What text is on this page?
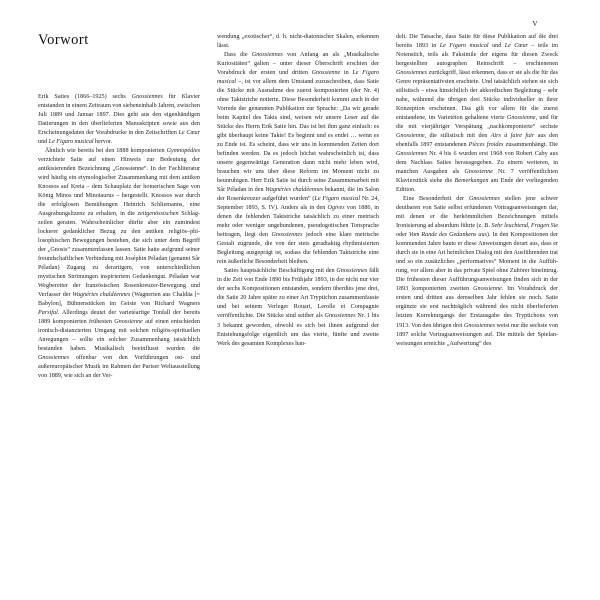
V
Vorwort

Erik Saties (1866–1925) sechs Gnossiennes für Klavier entstanden in einem Zeitraum von siebeneinhalb Jahren, zwischen Juli 1889 und Januar 1897. Dies geht aus den eigenhändigen Datierungen in den überlieferten Manuskripten sowie aus den Erscheinungsdaten der Vorabdrucke in den Zeitschriften Le Cœur und Le Figaro musical hervor.

Ähnlich wie bereits bei den 1888 komponierten Gymnopédies verzichtete Satie auf einen Hinweis zur Bedeutung der antikisierenden Bezeichnung „Gnossienne“. In der Fachliteratur wird häufig ein etymologischer Zusammenhang mit dem antiken Knossos auf Kreta – dem Schauplatz der homerischen Sage von König Minos und Minotaurus – hergestellt. Knossos war durch die erfolglosen Bemühungen Heinrich Schliemanns, eine Ausgrabungslizenz zu erhalten, in die zeitgenössischen Schlagzeilen geraten. Wahrscheinlicher dürfte aber ein zumindest lockerer gedanklicher Bezug zu den antiken religiös–philosophischen Bewegungen bestehen, die sich unter dem Begriff der „Gnosis“ zusammenfassen lassen. Satie hatte aufgrund seiner freundschaftlichen Verbindung mit Joséphin Péladan (genannt Sâr Péladan) Zugang zu derartigem, von unterschiedlichen mystischen Strömungen inspiriertem Gedankengut. Péladan war Wegbereiter der französischen Rosenkreuzer-Bewegung und Verfasser der Wagnéries chaldéennes (Wagnerien aus Chaldäa [= Babylon], Bühnenstücken im Geiste von Richard Wagners Parsifal. Allerdings deutet der varietéartige Tonfall der bereits 1889 komponierten frühesten Gnossienne auf einen entschieden ironisch-distanzierten Umgang mit solchen religiös-spirituellen Anregungen – sollte ein solcher Zusammenhang tatsächlich bestanden haben. Musikalisch beeinflusst wurden die Gnossiennes offenbar von den Vorführungen ost- und außereuropäischer Musik im Rahmen der Pariser Weltausstellung von 1889, wie sich an der Ver-

wendung „exotischer“, d. h. nicht-diatonischer Skalen, erkennen lässt.

Dass die Gnossiennes von Anfang an als „Musikalische Kuriositäten“ galten – unter dieser Überschrift erschien der Vorabdruck der ersten und dritten Gnossienne in Le Figaro musical –, ist vor allem dem Umstand zuzuschreiben, dass Satie die Stücke mit Ausnahme des zuerst komponierten (der Nr. 4) ohne Taktstriche notierte. Diese Besonderheit kommt auch in der Vorrede der genannten Publikation zur Sprache: „Da wir gerade beim Kapitel des Takts sind, weisen wir unsere Leser auf die Stücke des Herrn Erik Satie hin. Das ist bei ihm ganz einfach: es gibt überhaupt keine Takte! Es beginnt und es endet … wenn es zu Ende ist. Es scheint, dass wir uns in kommenden Zeiten dort befinden werden. Da es jedoch höchst wahrscheinlich ist, dass unsere gegenwärtige Generation dann nicht mehr leben wird, brauchen wir uns über diese Reform im Moment nicht zu beunruhigen. Herr Erik Satie ist durch seine Zusammenarbeit mit Sâr Péladan in den Wagnéries chaldéennes bekannt, die im Salon der Rosenkreuzer aufgeführt wurden“ (Le Figaro musical Nr. 24, September 1893, S. IV). Anders als in den Ogives von 1886, in denen die fehlenden Taktstriche tatsächlich zu einer metrisch mehr oder weniger ungebundenen, pseudogotischen Tonsprache beitragen, liegt den Gnossiennes jedoch eine klare metrische Gestalt zugrunde, die von der stets geradtaktig rhythmisierten Begleitung ausgeprägt ist, sodass die fehlenden Taktstriche eine rein äußerliche Besonderheit bleiben.

Saties hauptsächliche Beschäftigung mit den Gnossiennes fällt in die Zeit von Ende 1890 bis Frühjahr 1893, in der nicht nur vier der sechs Kompositionen entstanden, sondern überdies jene drei, die Satie 20 Jahre später zu einer Art Tryptichon zusammenfasste und bei seinem Verleger Rouart, Lerolle et Compagnie veröffentlichte. Die Stücke sind seither als Gnossiennes Nr. 1 bis 3 bekannt geworden, obwohl es sich bei ihnen aufgrund der Entstehungsfolge eigentlich um das vierte, fünfte und zweite Werk des gesamten Komplexes han-

delt. Die Tatsache, dass Satie für diese Publikation auf die drei bereits 1893 in Le Figaro musical und Le Cœur – teils im Notenstich, teils als Faksimile der eigens für diesen Zweck hergestellten autographen Reinschrift – erschienenen Gnossiennes zurückgriff, lässt erkennen, dass er sie als die für das Genre repräsentativsten erachtete. Und tatsächlich stehen sie sich stilistisch – etwa hinsichtlich der akkordischen Begleitung – sehr nahe, während die übrigen drei Stücke individueller in ihrer Konzeption erscheinen. Das gilt vor allem für die zuerst entstandene, im Varietéton gehaltene vierte Gnossienne, und für die mit vierjähriger Verspätung „nachkomponierte“ sechste Gnossienne, die stilistisch mit den Airs à faire fuir aus den ebenfalls 1897 entstandenen Pièces froides zusammenhängt. Die Gnossiennes Nr. 4 bis 6 wurden erst 1968 von Robert Caby aus dem Nachlass Saties herausgegeben. Zu einem weiteren, in manchen Ausgaben als Gnossienne Nr. 7 veröffentlichten Klavierstück siehe die Bemerkungen am Ende der vorliegenden Edition.

Eine Besonderheit der Gnossiennes stellen jene schwer deutbaren von Satie selbst erfundenen Vortragsanweisungen dar, mit denen er die herkömmlichen Bezeichnungen mittels Ironisierung ad absurdum führte (z. B. Sehr leuchtend, Fragen Sie oder Vom Rande des Gedankens aus). In den Kompositionen der kommenden Jahre baute er diese Anweisungen derart aus, dass er durch sie in eine Art heimlichen Dialog mit den Ausführenden trat und so ein zusätzliches „performatives“ Moment in die Aufführung, vor allem aber in das private Spiel ohne Zuhörer hineintrug. Die frühesten dieser Aufführungsanweisungen finden sich in der 1893 komponierten zweiten Gnossienne. Im Vorabdruck der ersten und dritten aus demselben Jahr fehlen sie noch. Satie ergänzte sie erst nachträglich während des nicht überlieferten letzten Korrekturgangs der Erstausgabe des Tryptichons von 1913. Von den übrigen drei Gnossiennes weist nur die sechste von 1897 solche Vortragsanweisungen auf. Die mittels der Spielanweisungen erreichte „Aufwertung“ des
